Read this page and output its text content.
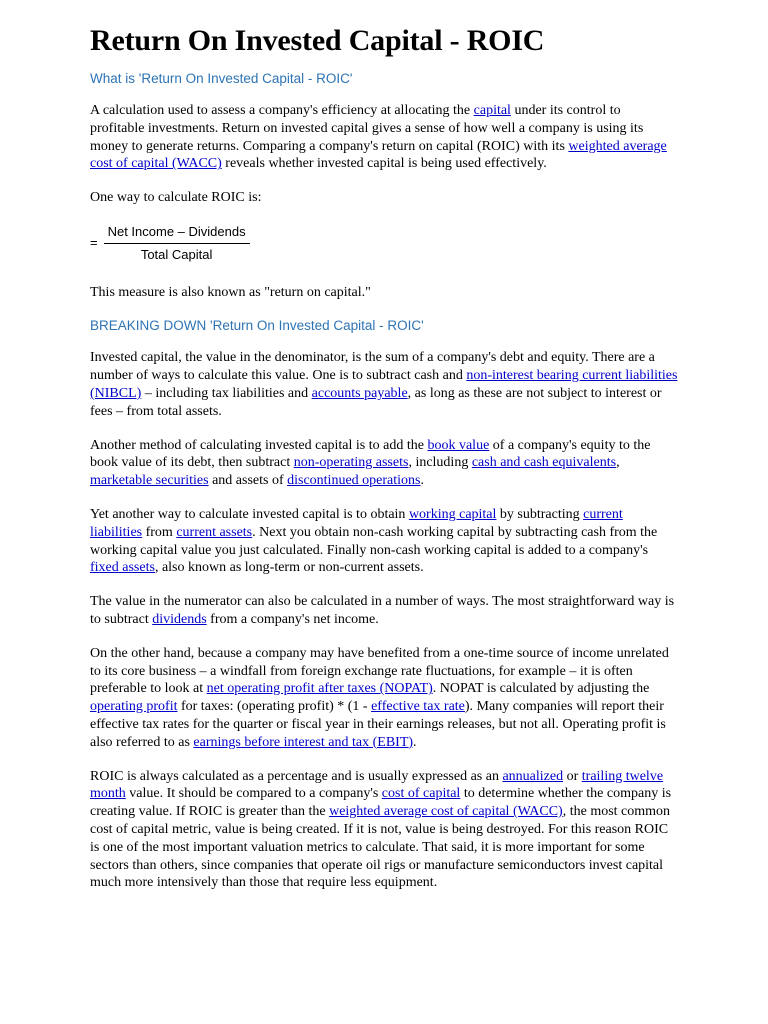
Return On Invested Capital - ROIC
What is 'Return On Invested Capital - ROIC'

A calculation used to assess a company's efficiency at allocating the capital under its control to profitable investments. Return on invested capital gives a sense of how well a company is using its money to generate returns. Comparing a company's return on capital (ROIC) with its weighted average cost of capital (WACC) reveals whether invested capital is being used effectively.

One way to calculate ROIC is:

= $\frac{\text{Net Income – Dividends}}{\text{Total Capital}}$

This measure is also known as "return on capital."

BREAKING DOWN 'Return On Invested Capital - ROIC'

Invested capital, the value in the denominator, is the sum of a company's debt and equity. There are a number of ways to calculate this value. One is to subtract cash and non-interest bearing current liabilities (NIBCL) – including tax liabilities and accounts payable, as long as these are not subject to interest or fees – from total assets.

Another method of calculating invested capital is to add the book value of a company's equity to the book value of its debt, then subtract non-operating assets, including cash and cash equivalents, marketable securities and assets of discontinued operations.

Yet another way to calculate invested capital is to obtain working capital by subtracting current liabilities from current assets. Next you obtain non-cash working capital by subtracting cash from the working capital value you just calculated. Finally non-cash working capital is added to a company's fixed assets, also known as long-term or non-current assets.

The value in the numerator can also be calculated in a number of ways. The most straightforward way is to subtract dividends from a company's net income.

On the other hand, because a company may have benefited from a one-time source of income unrelated to its core business – a windfall from foreign exchange rate fluctuations, for example – it is often preferable to look at net operating profit after taxes (NOPAT). NOPAT is calculated by adjusting the operating profit for taxes: (operating profit) * (1 - effective tax rate). Many companies will report their effective tax rates for the quarter or fiscal year in their earnings releases, but not all. Operating profit is also referred to as earnings before interest and tax (EBIT).

ROIC is always calculated as a percentage and is usually expressed as an annualized or trailing twelve month value. It should be compared to a company's cost of capital to determine whether the company is creating value. If ROIC is greater than the weighted average cost of capital (WACC), the most common cost of capital metric, value is being created. If it is not, value is being destroyed. For this reason ROIC is one of the most important valuation metrics to calculate. That said, it is more important for some sectors than others, since companies that operate oil rigs or manufacture semiconductors invest capital much more intensively than those that require less equipment.
